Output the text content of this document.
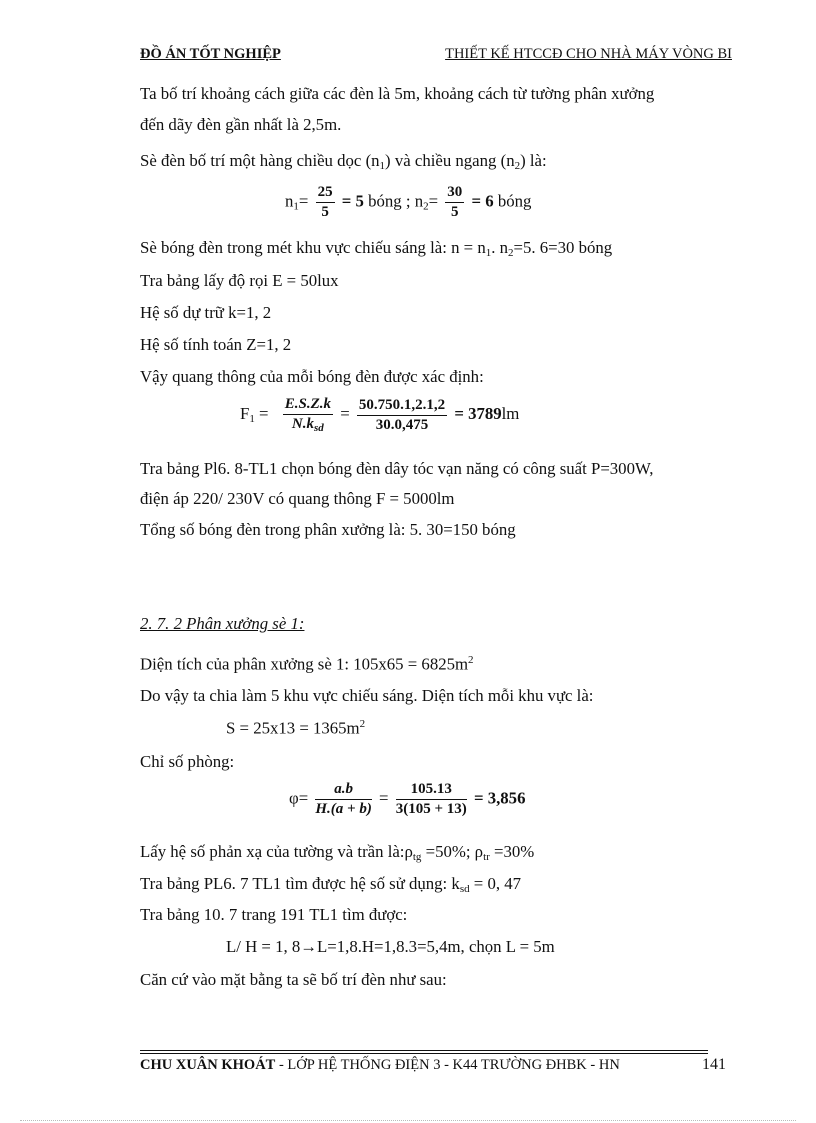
ĐỒ ÁN TỐT NGHIỆP	THIẾT KẾ HTCCĐ CHO NHÀ MÁY VÒNG BI
Ta bố trí khoảng cách giữa các đèn là 5m, khoảng cách từ tường phân xưởng
đến dãy đèn gần nhất là 2,5m.
Sè đèn bố trí một hàng chiều dọc $(n_1)$ và chiều ngang $(n_2)$ là:
$n_1= \frac{25}{5} = 5$ bóng ; $n_2= \frac{30}{5} = 6$ bóng
Sè bóng đèn trong mét khu vực chiếu sáng là: $n = n_1$. $n_2=5$. 6=30 bóng
Tra bảng lấy độ rọi E = 50lux
Hệ số dự trữ k=1, 2
Hệ số tính toán Z=1, 2
Vậy quang thông của mỗi bóng đèn được xác định:
$F_1 = \frac{E.S.Z.k}{N.k_{sd}} = \frac{50.750.1,2.1,2}{30.0,475} = 3789lm$
Tra bảng Pl6. 8-TL1 chọn bóng đèn dây tóc vạn năng có công suất P=300W,
điện áp 220/ 230V có quang thông F = 5000lm
Tổng số bóng đèn trong phân xưởng là: 5. 30=150 bóng
2. 7. 2 Phân xưởng sè 1:
Diện tích của phân xưởng sè 1: $105x65 = 6825m^2$
Do vậy ta chia làm 5 khu vực chiếu sáng. Diện tích mỗi khu vực là:
$S = 25x13 = 1365m^2$
Chỉ số phòng:
$\varphi= \frac{a.b}{H.(a + b)} = \frac{105.13}{3(105 + 13)} = 3,856$
Lấy hệ số phản xạ của tường và trần $là:\rho_{tg} =50\%$; $\rho_{tr} =30\%$
Tra bảng PL6. 7 TL1 tìm được hệ số sử dụng: $k_{sd} = 0$, 47
Tra bảng 10. 7 trang 191 TL1 tìm được:
L/ H = 1, 8→L=1,8.H=1,8.3=5,4m, chọn L = 5m
Căn cứ vào mặt bằng ta sẽ bố trí đèn như sau:
CHU XUÂN KHOÁT - LỚP HỆ THỐNG ĐIỆN 3 - K44 TRƯỜNG ĐHBK - HN	141
